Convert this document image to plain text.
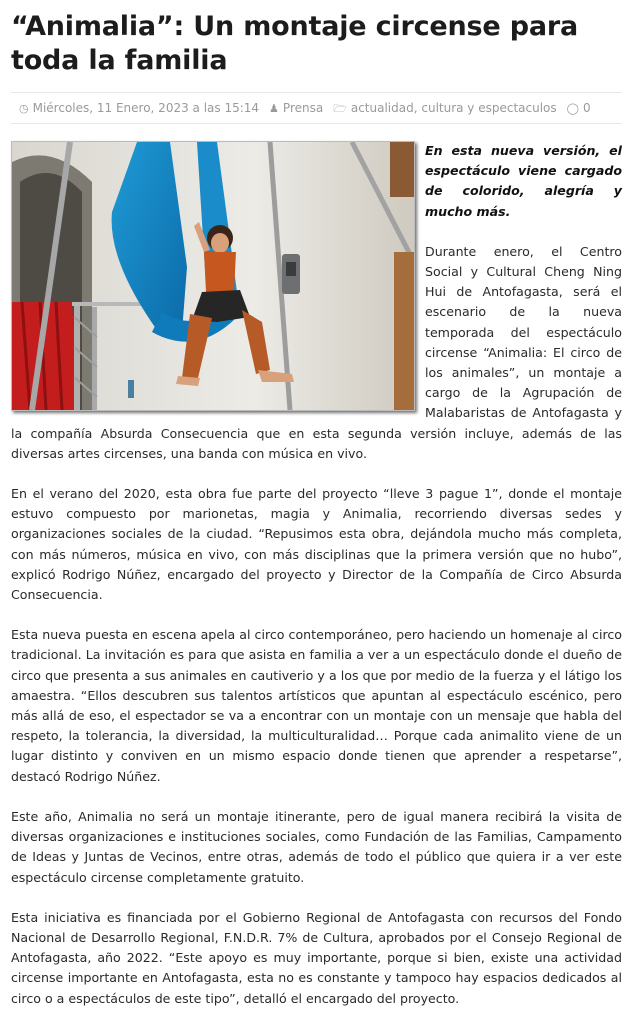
“Animalia”: Un montaje circense para toda la familia
◷ Miércoles, 11 Enero, 2023 a las 15:14 ♟ Prensa 🗁 actualidad, cultura y espectaculos ◯ 0

En esta nueva versión, el espectáculo viene cargado de colorido, alegría y mucho más.

Durante enero, el Centro Social y Cultural Cheng Ning Hui de Antofagasta, será el escenario de la nueva temporada del espectáculo circense “Animalia: El circo de los animales”, un montaje a cargo de la Agrupación de Malabaristas de Antofagasta y la compañía Absurda Consecuencia que en esta segunda versión incluye, además de las diversas artes circenses, una banda con música en vivo.

En el verano del 2020, esta obra fue parte del proyecto “lleve 3 pague 1”, donde el montaje estuvo compuesto por marionetas, magia y Animalia, recorriendo diversas sedes y organizaciones sociales de la ciudad. “Repusimos esta obra, dejándola mucho más completa, con más números, música en vivo, con más disciplinas que la primera versión que no hubo”, explicó Rodrigo Núñez, encargado del proyecto y Director de la Compañía de Circo Absurda Consecuencia.

Esta nueva puesta en escena apela al circo contemporáneo, pero haciendo un homenaje al circo tradicional. La invitación es para que asista en familia a ver a un espectáculo donde el dueño de circo que presenta a sus animales en cautiverio y a los que por medio de la fuerza y el látigo los amaestra. “Ellos descubren sus talentos artísticos que apuntan al espectáculo escénico, pero más allá de eso, el espectador se va a encontrar con un montaje con un mensaje que habla del respeto, la tolerancia, la diversidad, la multiculturalidad… Porque cada animalito viene de un lugar distinto y conviven en un mismo espacio donde tienen que aprender a respetarse”, destacó Rodrigo Núñez.

Este año, Animalia no será un montaje itinerante, pero de igual manera recibirá la visita de diversas organizaciones e instituciones sociales, como Fundación de las Familias, Campamento de Ideas y Juntas de Vecinos, entre otras, además de todo el público que quiera ir a ver este espectáculo circense completamente gratuito.

Esta iniciativa es financiada por el Gobierno Regional de Antofagasta con recursos del Fondo Nacional de Desarrollo Regional, F.N.D.R. 7% de Cultura, aprobados por el Consejo Regional de Antofagasta, año 2022. “Este apoyo es muy importante, porque si bien, existe una actividad circense importante en Antofagasta, esta no es constante y tampoco hay espacios dedicados al circo o a espectáculos de este tipo”, detalló el encargado del proyecto.
